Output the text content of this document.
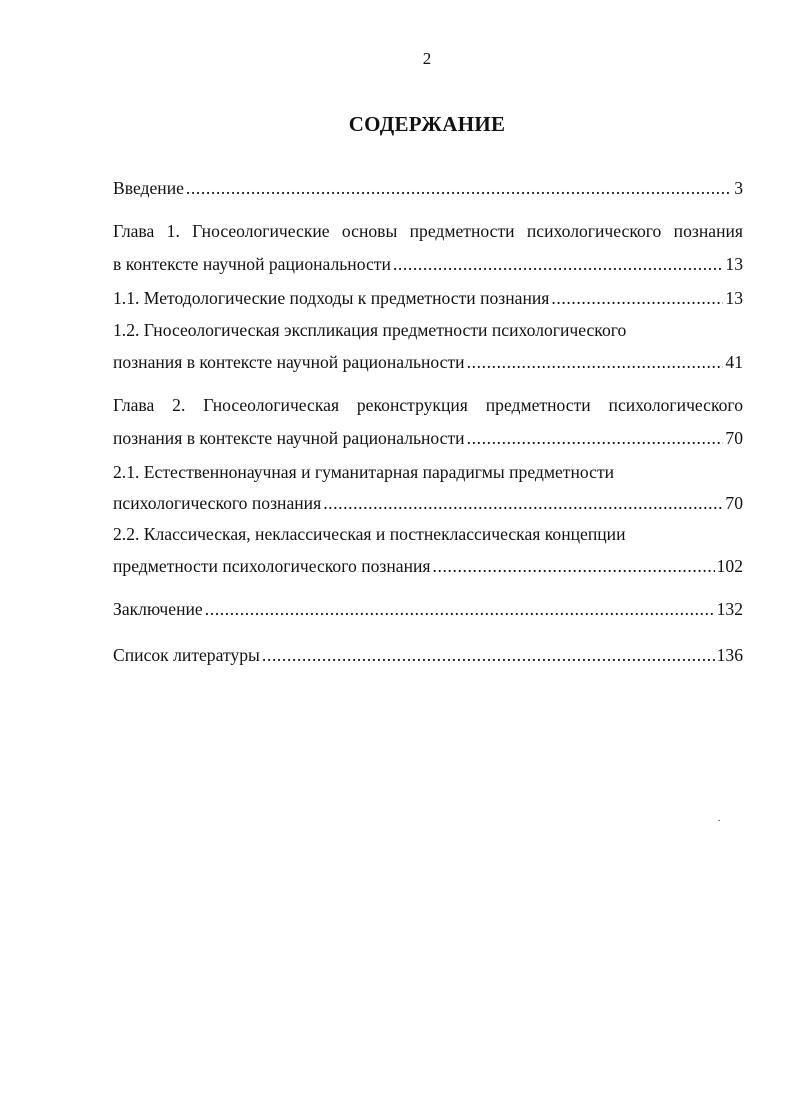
2
СОДЕРЖАНИЕ
Введение .....	3
Глава 1. Гносеологические основы предметности психологического познания
в контексте научной рациональности .....	13
1.1. Методологические подходы к предметности познания .....	13
1.2. Гносеологическая экспликация предметности психологического
познания в контексте научной рациональности .....	41
Глава 2. Гносеологическая реконструкция предметности психологического
познания в контексте научной рациональности .....	70
2.1. Естественнонаучная и гуманитарная парадигмы предметности
психологического познания .....	70
2.2. Классическая, неклассическая и постнеклассическая концепции
предметности психологического познания .....	102
Заключение .....	132
Список литературы .....	136
